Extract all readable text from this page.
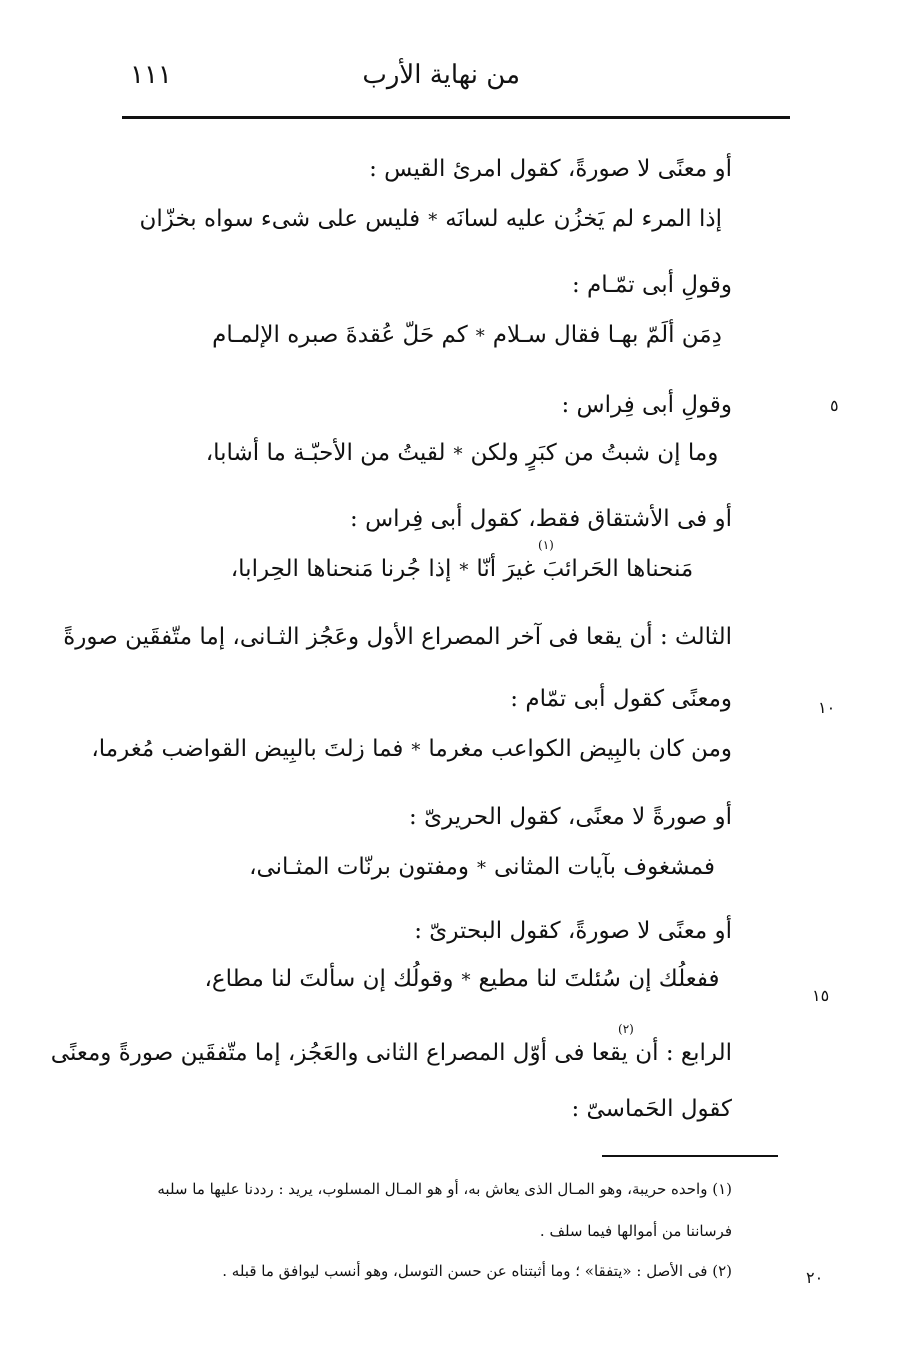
من نهاية الأرب
١١١
أو معنًى لا صورةً، كقول امرئ القيس :
إذا المرء لم يَخزُن عليه لسانَه*فليس على شىء سواه بخزّان
وقولِ أبى تمّـام :
دِمَن ألَمّ بهـا فقال سـلام*كم حَلّ عُقدةَ صبره الإلمـام
وقولِ أبى فِراس :	٥
وما إن شبتُ من كبَرٍ ولكن*لقيتُ من الأحبّـة ما أشابا،
أو فى الأشتقاق فقط، كقول أبى فِراس :
(١)
مَنحناها الحَرائبَ غيرَ أنّا*إذا جُرنا مَنحناها الحِرابا،
الثالث : أن يقعا فى آخر المصراع الأول وعَجُز الثـانى، إما متّفقَين صورةً
ومعنًى كقول أبى تمّام :	١٠
ومن كان بالبِيض الكواعب مغرما*فما زلتَ بالبِيض القواضب مُغرما،
أو صورةً لا معنًى، كقول الحريرىّ :
فمشغوف بآيات المثانى*ومفتون برنّات المثـانى،
أو معنًى لا صورةً، كقول البحترىّ :
ففعلُك إن سُئلتَ لنا مطيع*وقولُك إن سألتَ لنا مطاع،
١٥
(٢)
الرابع : أن يقعا فى أوّل المصراع الثانى والعَجُز، إما متّفقَين صورةً ومعنًى
كقول الحَماسىّ :
(١) واحده حريبة، وهو المـال الذى يعاش به، أو هو المـال المسلوب، يريد : رددنا عليها ما سلبه
فرساننا من أموالها فيما سلف .
(٢) فى الأصل : «يتفقا» ؛ وما أثبتناه عن حسن التوسل، وهو أنسب ليوافق ما قبله .	٢٠
